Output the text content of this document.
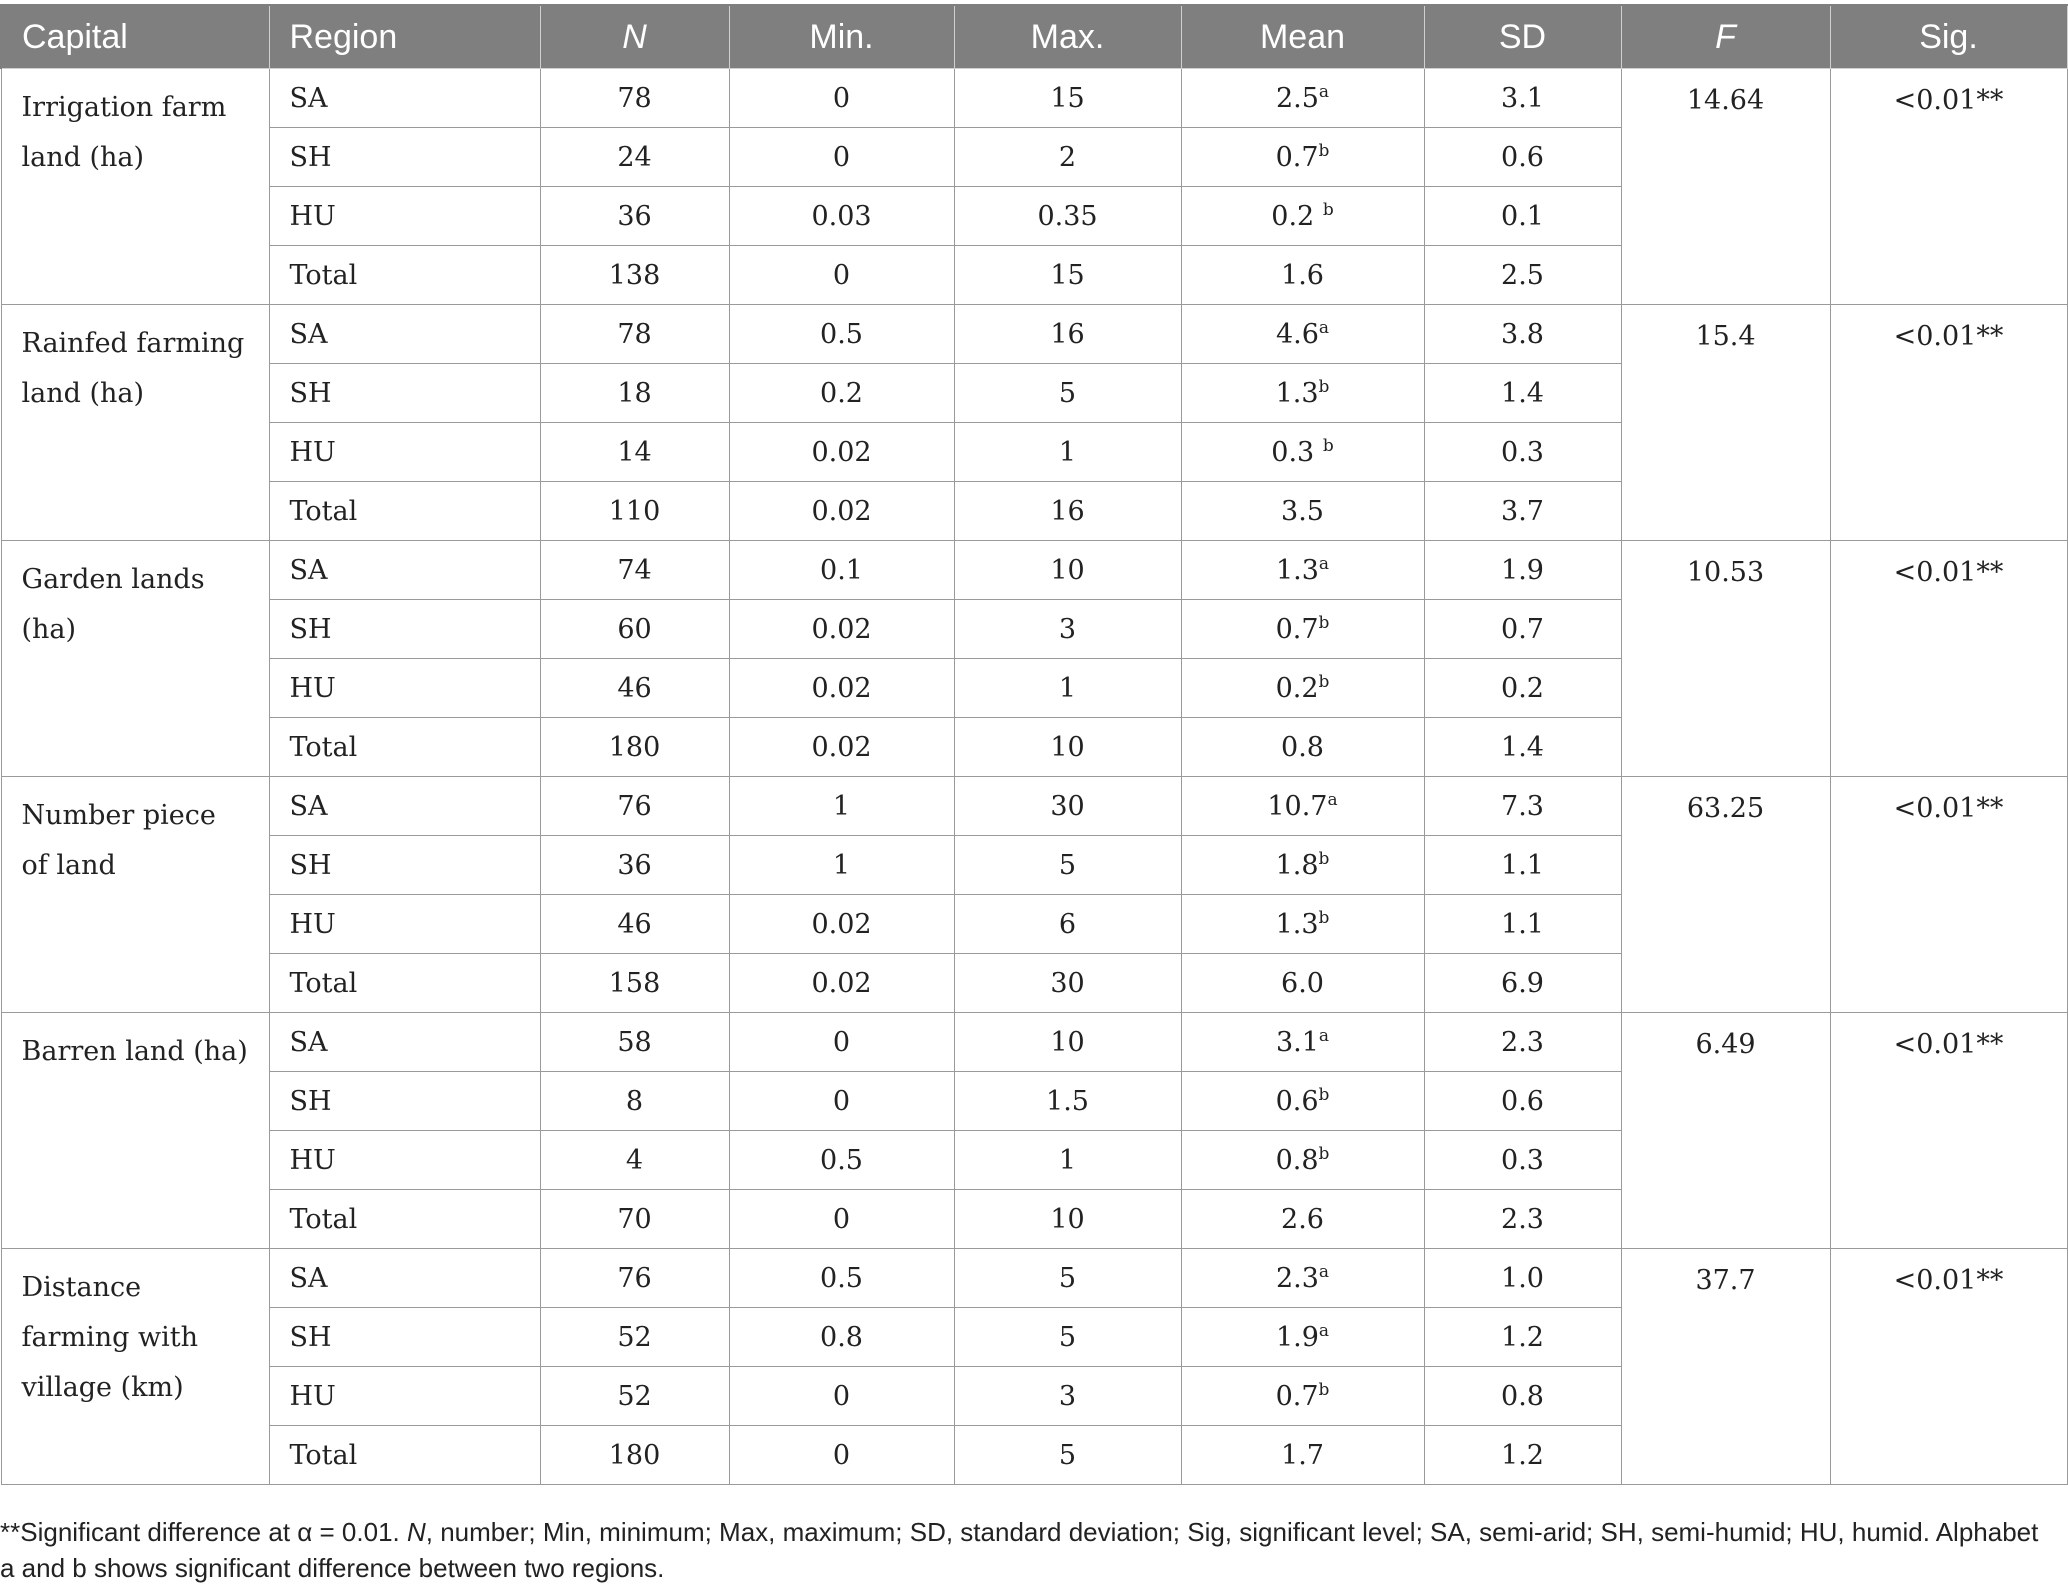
Capital	Region	N	Min.	Max.	Mean	SD	F	Sig.
Irrigation farm land (ha)	SA	78	0	15	2.5$^a$	3.1	14.64	<0.01**
	SH	24	0	2	0.7$^b$	0.6		
	HU	36	0.03	0.35	0.2 $^b$	0.1		
	Total	138	0	15	1.6	2.5		
Rainfed farming land (ha)	SA	78	0.5	16	4.6$^a$	3.8	15.4	<0.01**
	SH	18	0.2	5	1.3$^b$	1.4		
	HU	14	0.02	1	0.3 $^b$	0.3		
	Total	110	0.02	16	3.5	3.7		
Garden lands (ha)	SA	74	0.1	10	1.3$^a$	1.9	10.53	<0.01**
	SH	60	0.02	3	0.7$^b$	0.7		
	HU	46	0.02	1	0.2$^b$	0.2		
	Total	180	0.02	10	0.8	1.4		
Number piece of land	SA	76	1	30	10.7$^a$	7.3	63.25	<0.01**
	SH	36	1	5	1.8$^b$	1.1		
	HU	46	0.02	6	1.3$^b$	1.1		
	Total	158	0.02	30	6.0	6.9		
Barren land (ha)	SA	58	0	10	3.1$^a$	2.3	6.49	<0.01**
	SH	8	0	1.5	0.6$^b$	0.6		
	HU	4	0.5	1	0.8$^b$	0.3		
	Total	70	0	10	2.6	2.3		
Distance farming with village (km)	SA	76	0.5	5	2.3$^a$	1.0	37.7	<0.01**
	SH	52	0.8	5	1.9$^a$	1.2		
	HU	52	0	3	0.7$^b$	0.8		
	Total	180	0	5	1.7	1.2		
**Significant difference at α = 0.01. N, number; Min, minimum; Max, maximum; SD, standard deviation; Sig, significant level; SA, semi-arid; SH, semi-humid; HU, humid. Alphabet a and b shows significant difference between two regions.
